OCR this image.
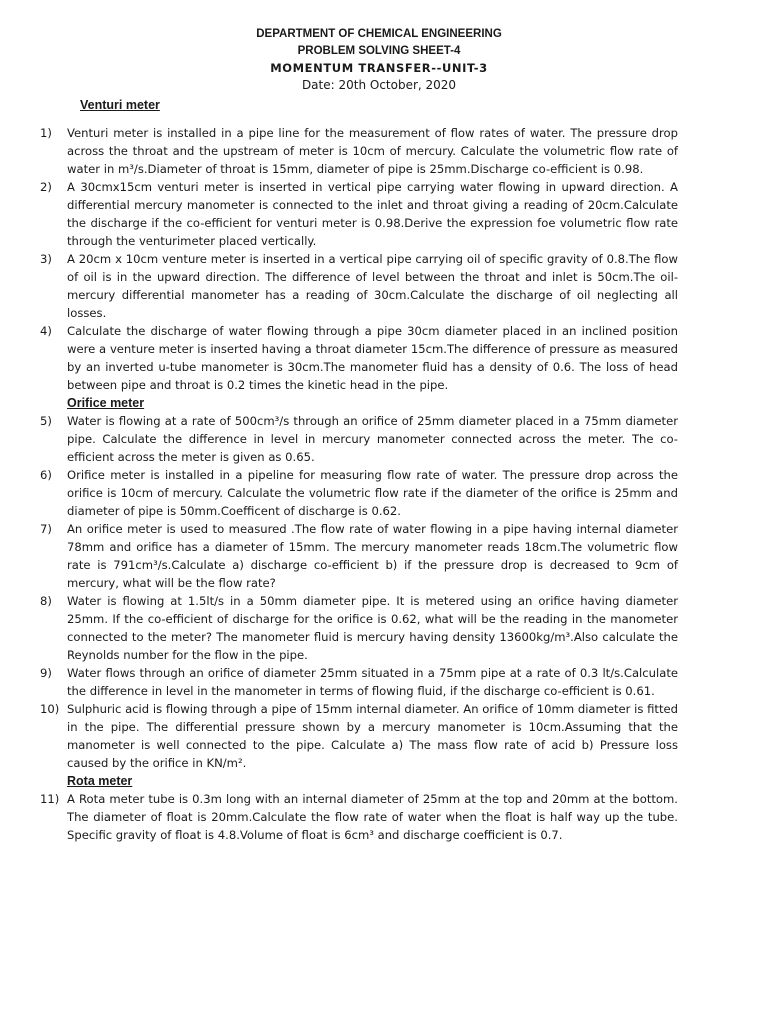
DEPARTMENT OF CHEMICAL ENGINEERING
PROBLEM SOLVING SHEET-4
MOMENTUM TRANSFER--UNIT-3
Date: 20th October, 2020
Venturi meter
1)	Venturi meter is installed in a pipe line for the measurement of flow rates of water. The pressure drop across the throat and the upstream of meter is 10cm of mercury. Calculate the volumetric flow rate of water in m³/s.Diameter of throat is 15mm, diameter of pipe is 25mm.Discharge co-efficient is 0.98.
2)	A 30cmx15cm venturi meter is inserted in vertical pipe carrying water flowing in upward direction. A differential mercury manometer is connected to the inlet and throat giving a reading of 20cm.Calculate the discharge if the co-efficient for venturi meter is 0.98.Derive the expression foe volumetric flow rate through the venturimeter placed vertically.
3)	A 20cm x 10cm venture meter is inserted in a vertical pipe carrying oil of specific gravity of 0.8.The flow of oil is in the upward direction. The difference of level between the throat and inlet is 50cm.The oil-mercury differential manometer has a reading of 30cm.Calculate the discharge of oil neglecting all losses.
4)	Calculate the discharge of water flowing through a pipe 30cm diameter placed in an inclined position were a venture meter is inserted having a throat diameter 15cm.The difference of pressure as measured by an inverted u-tube manometer is 30cm.The manometer fluid has a density of 0.6. The loss of head between pipe and throat is 0.2 times the kinetic head in the pipe.
Orifice meter
5)	Water is flowing at a rate of 500cm³/s through an orifice of 25mm diameter placed in a 75mm diameter pipe. Calculate the difference in level in mercury manometer connected across the meter. The co-efficient across the meter is given as 0.65.
6)	Orifice meter is installed in a pipeline for measuring flow rate of water. The pressure drop across the orifice is 10cm of mercury. Calculate the volumetric flow rate if the diameter of the orifice is 25mm and diameter of pipe is 50mm.Coefficent of discharge is 0.62.
7)	An orifice meter is used to measured .The flow rate of water flowing in a pipe having internal diameter 78mm and orifice has a diameter of 15mm. The mercury manometer reads 18cm.The volumetric flow rate is 791cm³/s.Calculate a) discharge co-efficient b) if the pressure drop is decreased to 9cm of mercury, what will be the flow rate?
8)	Water is flowing at 1.5lt/s in a 50mm diameter pipe. It is metered using an orifice having diameter 25mm. If the co-efficient of discharge for the orifice is 0.62, what will be the reading in the manometer connected to the meter? The manometer fluid is mercury having density 13600kg/m³.Also calculate the Reynolds number for the flow in the pipe.
9)	Water flows through an orifice of diameter 25mm situated in a 75mm pipe at a rate of 0.3 lt/s.Calculate the difference in level in the manometer in terms of flowing fluid, if the discharge co-efficient is 0.61.
10) Sulphuric acid is flowing through a pipe of 15mm internal diameter. An orifice of 10mm diameter is fitted in the pipe. The differential pressure shown by a mercury manometer is 10cm.Assuming that the manometer is well connected to the pipe. Calculate a) The mass flow rate of acid b) Pressure loss caused by the orifice in KN/m².
Rota meter
11) A Rota meter tube is 0.3m long with an internal diameter of 25mm at the top and 20mm at the bottom. The diameter of float is 20mm.Calculate the flow rate of water when the float is half way up the tube. Specific gravity of float is 4.8.Volume of float is 6cm³ and discharge coefficient is 0.7.
